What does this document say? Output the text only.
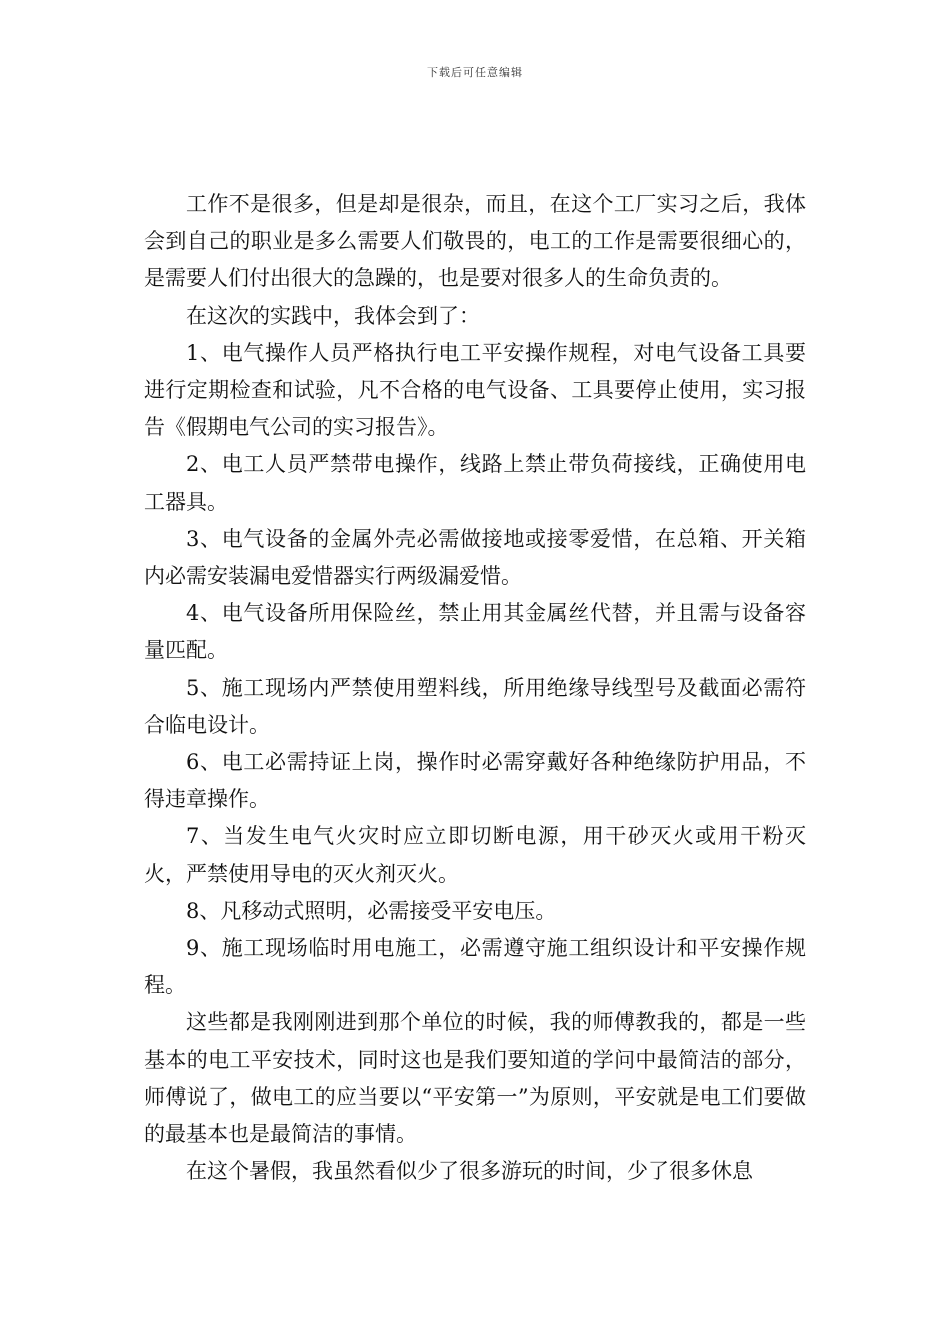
下载后可任意编辑

工作不是很多，但是却是很杂，而且，在这个工厂实习之后，我体会到自己的职业是多么需要人们敬畏的，电工的工作是需要很细心的，是需要人们付出很大的急躁的，也是要对很多人的生命负责的。

在这次的实践中，我体会到了：

1、电气操作人员严格执行电工平安操作规程，对电气设备工具要进行定期检查和试验，凡不合格的电气设备、工具要停止使用，实习报告《假期电气公司的实习报告》。

2、电工人员严禁带电操作，线路上禁止带负荷接线，正确使用电工器具。

3、电气设备的金属外壳必需做接地或接零爱惜，在总箱、开关箱内必需安装漏电爱惜器实行两级漏爱惜。

4、电气设备所用保险丝，禁止用其金属丝代替，并且需与设备容量匹配。

5、施工现场内严禁使用塑料线，所用绝缘导线型号及截面必需符合临电设计。

6、电工必需持证上岗，操作时必需穿戴好各种绝缘防护用品，不得违章操作。

7、当发生电气火灾时应立即切断电源，用干砂灭火或用干粉灭火，严禁使用导电的灭火剂灭火。

8、凡移动式照明，必需接受平安电压。

9、施工现场临时用电施工，必需遵守施工组织设计和平安操作规程。

这些都是我刚刚进到那个单位的时候，我的师傅教我的，都是一些基本的电工平安技术，同时这也是我们要知道的学问中最简洁的部分，师傅说了，做电工的应当要以“平安第一”为原则，平安就是电工们要做的最基本也是最简洁的事情。

在这个暑假，我虽然看似少了很多游玩的时间，少了很多休息
